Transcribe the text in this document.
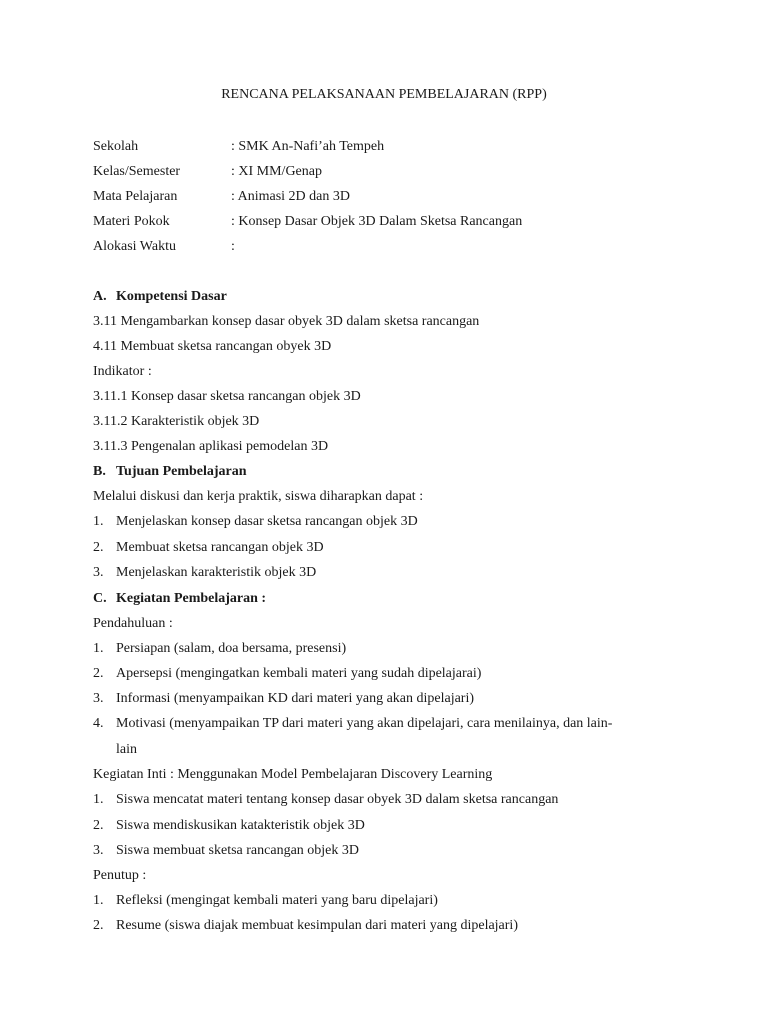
RENCANA PELAKSANAAN PEMBELAJARAN (RPP)
Sekolah	: SMK An-Nafi’ah Tempeh
Kelas/Semester	: XI MM/Genap
Mata Pelajaran	: Animasi 2D dan 3D
Materi Pokok	: Konsep Dasar Objek 3D Dalam Sketsa Rancangan
Alokasi Waktu	:
A. Kompetensi Dasar
3.11 Mengambarkan konsep dasar obyek 3D dalam sketsa rancangan
4.11 Membuat sketsa rancangan obyek 3D
Indikator :
3.11.1 Konsep dasar sketsa rancangan objek 3D
3.11.2 Karakteristik objek 3D
3.11.3 Pengenalan aplikasi pemodelan 3D
B. Tujuan Pembelajaran
Melalui diskusi dan kerja praktik, siswa diharapkan dapat :
1. Menjelaskan konsep dasar sketsa rancangan objek 3D
2. Membuat sketsa rancangan objek 3D
3. Menjelaskan karakteristik objek 3D
C. Kegiatan Pembelajaran :
Pendahuluan :
1. Persiapan (salam, doa bersama, presensi)
2. Apersepsi (mengingatkan kembali materi yang sudah dipelajarai)
3. Informasi (menyampaikan KD dari materi yang akan dipelajari)
4. Motivasi (menyampaikan TP dari materi yang akan dipelajari, cara menilainya, dan lain-
lain
Kegiatan Inti : Menggunakan Model Pembelajaran Discovery Learning
1. Siswa mencatat materi tentang konsep dasar obyek 3D dalam sketsa rancangan
2. Siswa mendiskusikan katakteristik objek 3D
3. Siswa membuat sketsa rancangan objek 3D
Penutup :
1. Refleksi (mengingat kembali materi yang baru dipelajari)
2. Resume (siswa diajak membuat kesimpulan dari materi yang dipelajari)
